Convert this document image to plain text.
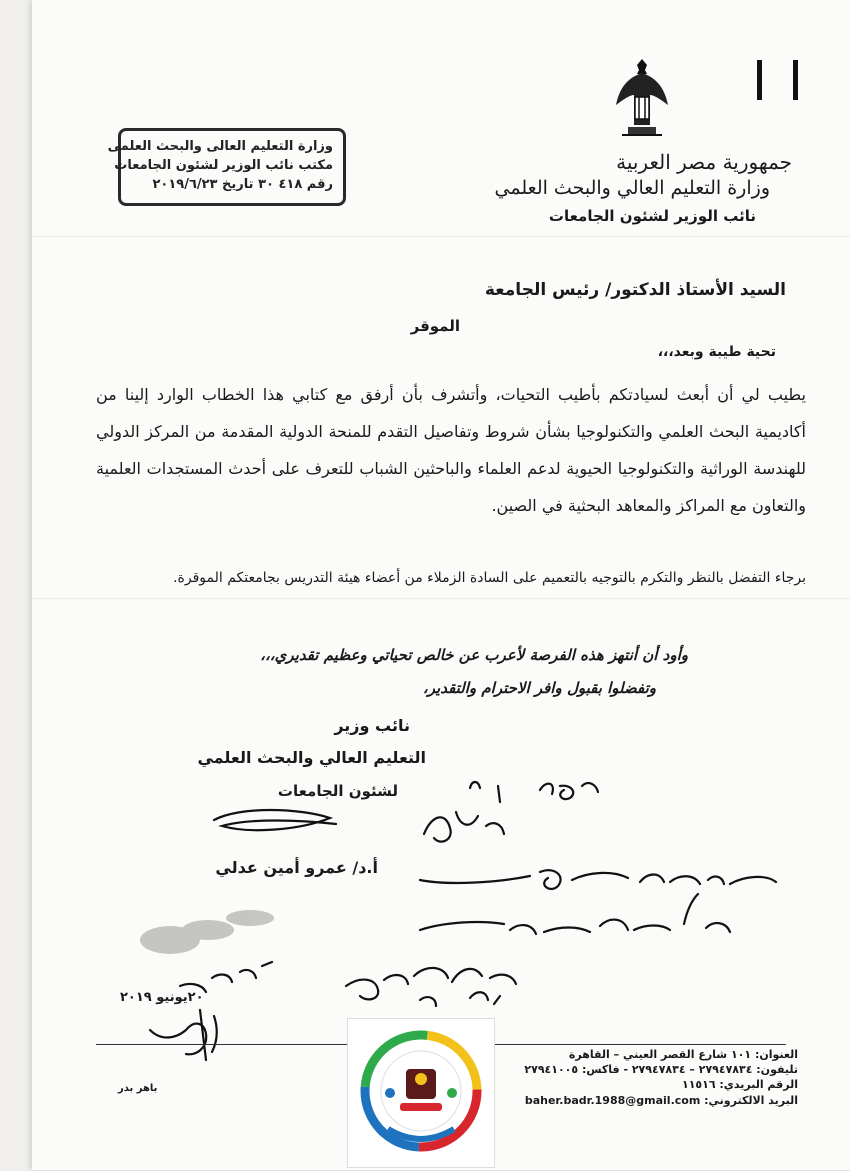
جمهورية مصر العربية
وزارة التعليم العالي والبحث العلمي
نائب الوزير لشئون الجامعات
وزارة التعليم العالى والبحث العلمى
مكتب نائب الوزير لشئون الجامعات
رقم ٤١٨ ٣٠ تاريخ ٢٠١٩/٦/٢٣
السيد الأستاذ الدكتور/ رئيس الجامعة
الموقر
تحية طيبة وبعد،،،
يطيب لي أن أبعث لسيادتكم بأطيب التحيات، وأتشرف بأن أرفق مع كتابي هذا الخطاب الوارد إلينا من أكاديمية البحث العلمي والتكنولوجيا بشأن شروط وتفاصيل التقدم للمنحة الدولية المقدمة من المركز الدولي للهندسة الوراثية والتكنولوجيا الحيوية لدعم العلماء والباحثين الشباب للتعرف على أحدث المستجدات العلمية والتعاون مع المراكز والمعاهد البحثية في الصين.
برجاء التفضل بالنظر والتكرم بالتوجيه بالتعميم على السادة الزملاء من أعضاء هيئة التدريس بجامعتكم الموقرة.
وأود أن أنتهز هذه الفرصة لأعرب عن خالص تحياتي وعظيم تقديري،،،
وتفضلوا بقبول وافر الاحترام والتقدير،
نائب وزير
التعليم العالي والبحث العلمي
لشئون الجامعات
أ.د/ عمرو أمين عدلي
٢٠يونيو ٢٠١٩
العنوان: ١٠١ شارع القصر العيني – القاهرة
تليفون: ٢٧٩٤٧٨٣٤ – ٢٧٩٤٧٨٣٤ - فاكس: ٢٧٩٤١٠٠٥
الرقم البريدي: ١١٥١٦
البريد الالكتروني: baher.badr.1988@gmail.com
باهر بدر
